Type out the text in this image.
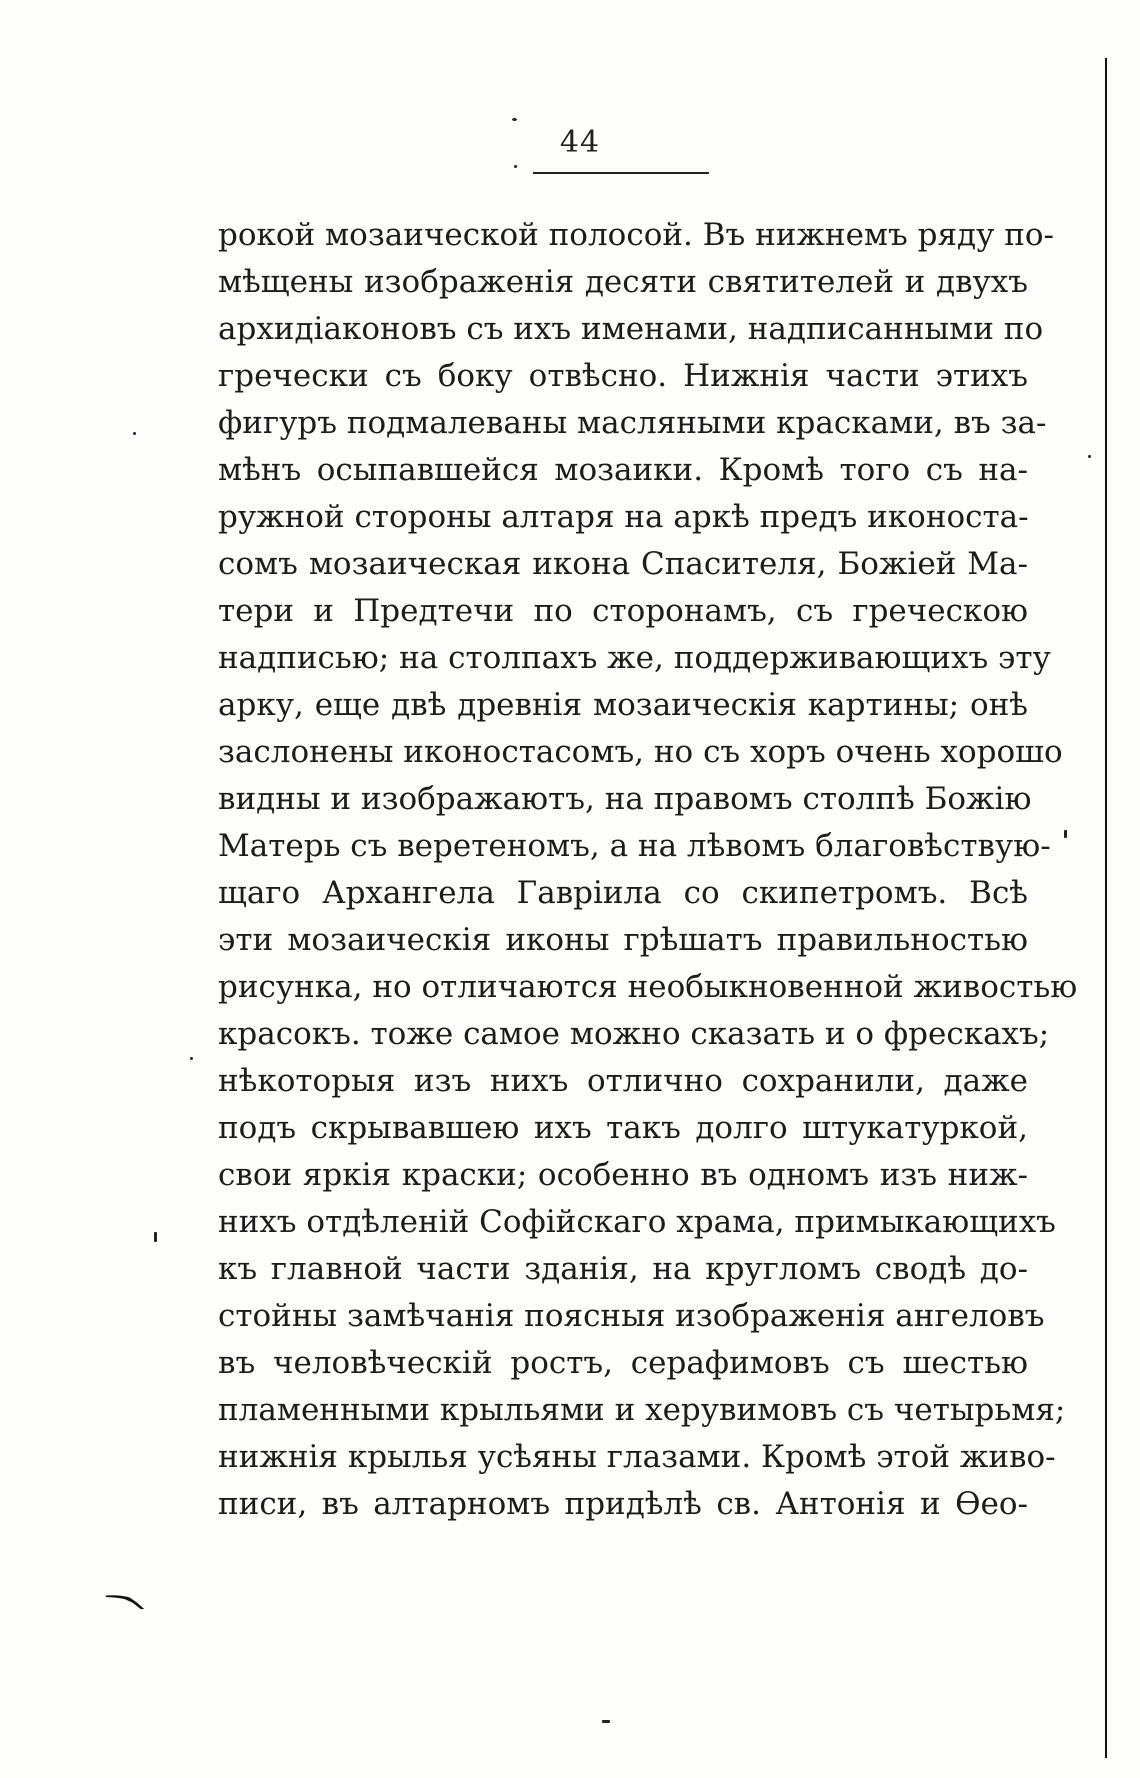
44
рокой мозаической полосой. Въ нижнемъ ряду по-
мѣщены изображенія десяти святителей и двухъ
архидіаконовъ съ ихъ именами, надписанными по
гречески съ боку отвѣсно. Нижнія части этихъ
фигуръ подмалеваны масляными красками, въ за-
мѣнъ осыпавшейся мозаики. Кромѣ того съ на-
ружной стороны алтаря на аркѣ предъ иконоста-
сомъ мозаическая икона Спасителя, Божіей Ма-
тери и Предтечи по сторонамъ, съ греческою
надписью; на столпахъ же, поддерживающихъ эту
арку, еще двѣ древнія мозаическія картины; онѣ
заслонены иконостасомъ, но съ хоръ очень хорошо
видны и изображаютъ, на правомъ столпѣ Божію
Матерь съ веретеномъ, а на лѣвомъ благовѣствую-
щаго Архангела Гавріила со скипетромъ. Всѣ
эти мозаическія иконы грѣшатъ правильностью
рисунка, но отличаются необыкновенной живостью
красокъ. тоже самое можно сказать и о фрескахъ;
нѣкоторыя изъ нихъ отлично сохранили, даже
подъ скрывавшею ихъ такъ долго штукатуркой,
свои яркія краски; особенно въ одномъ изъ ниж-
нихъ отдѣленій Софійскаго храма, примыкающихъ
къ главной части зданія, на кругломъ сводѣ до-
стойны замѣчанія поясныя изображенія ангеловъ
въ человѣческій ростъ, серафимовъ съ шестью
пламенными крыльями и херувимовъ съ четырьмя;
нижнія крылья усѣяны глазами. Кромѣ этой живо-
писи, въ алтарномъ придѣлѣ св. Антонія и Ѳео-
